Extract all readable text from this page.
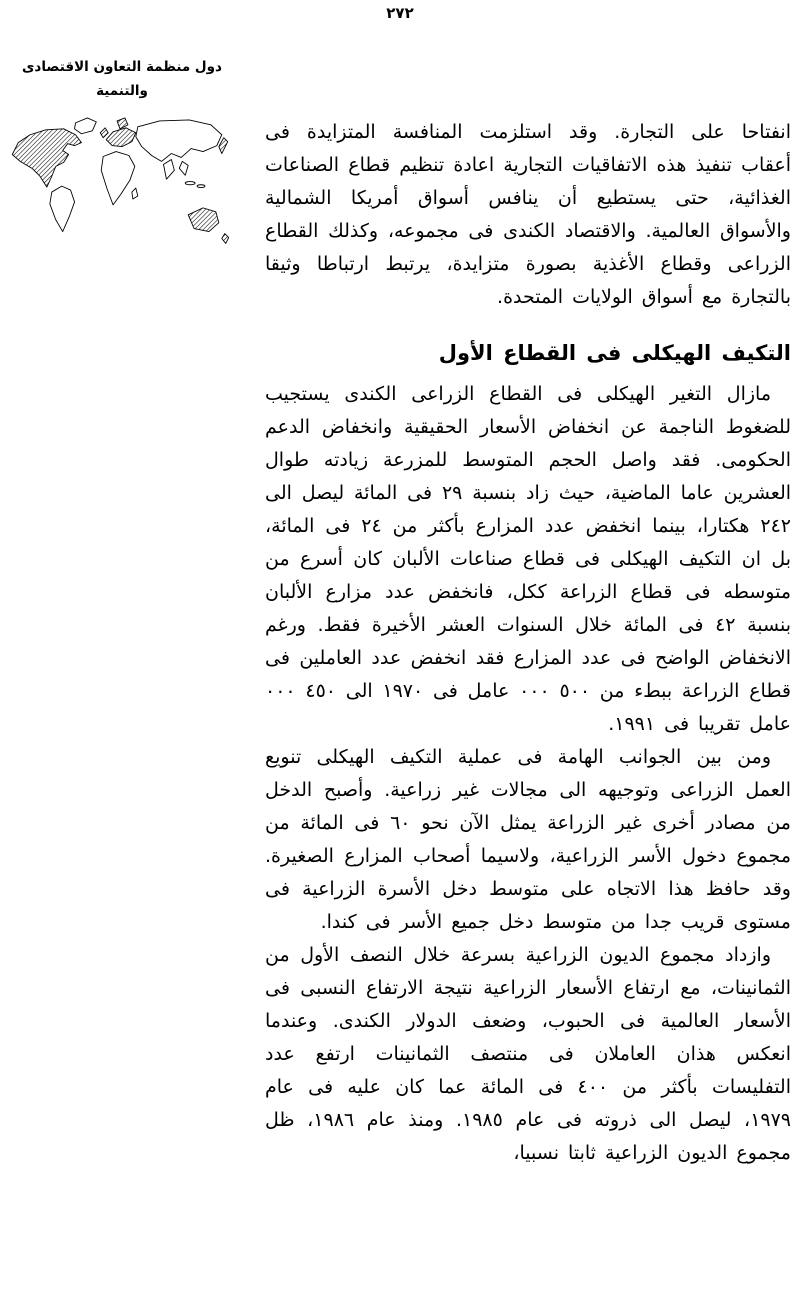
٢٧٢
دول منظمة التعاون الاقتصادى
والتنمية

انفتاحا على التجارة. وقد استلزمت المنافسة المتزايدة فى أعقاب تنفيذ هذه الاتفاقيات التجارية اعادة تنظيم قطاع الصناعات الغذائية، حتى يستطيع أن ينافس أسواق أمريكا الشمالية والأسواق العالمية. والاقتصاد الكندى فى مجموعه، وكذلك القطاع الزراعى وقطاع الأغذية بصورة متزايدة، يرتبط ارتباطا وثيقا بالتجارة مع أسواق الولايات المتحدة.

التكيف الهيكلى فى القطاع الأول

مازال التغير الهيكلى فى القطاع الزراعى الكندى يستجيب للضغوط الناجمة عن انخفاض الأسعار الحقيقية وانخفاض الدعم الحكومى. فقد واصل الحجم المتوسط للمزرعة زيادته طوال العشرين عاما الماضية، حيث زاد بنسبة ٢٩ فى المائة ليصل الى ٢٤٢ هكتارا، بينما انخفض عدد المزارع بأكثر من ٢٤ فى المائة، بل ان التكيف الهيكلى فى قطاع صناعات الألبان كان أسرع من متوسطه فى قطاع الزراعة ككل، فانخفض عدد مزارع الألبان بنسبة ٤٢ فى المائة خلال السنوات العشر الأخيرة فقط. ورغم الانخفاض الواضح فى عدد المزارع فقد انخفض عدد العاملين فى قطاع الزراعة ببطء من ٥٠٠ ٠٠٠ عامل فى ١٩٧٠ الى ٤٥٠ ٠٠٠ عامل تقريبا فى ١٩٩١.

ومن بين الجوانب الهامة فى عملية التكيف الهيكلى تنويع العمل الزراعى وتوجيهه الى مجالات غير زراعية. وأصبح الدخل من مصادر أخرى غير الزراعة يمثل الآن نحو ٦٠ فى المائة من مجموع دخول الأسر الزراعية، ولاسيما أصحاب المزارع الصغيرة. وقد حافظ هذا الاتجاه على متوسط دخل الأسرة الزراعية فى مستوى قريب جدا من متوسط دخل جميع الأسر فى كندا.

وازداد مجموع الديون الزراعية بسرعة خلال النصف الأول من الثمانينات، مع ارتفاع الأسعار الزراعية نتيجة الارتفاع النسبى فى الأسعار العالمية فى الحبوب، وضعف الدولار الكندى. وعندما انعكس هذان العاملان فى منتصف الثمانينات ارتفع عدد التفليسات بأكثر من ٤٠٠ فى المائة عما كان عليه فى عام ١٩٧٩، ليصل الى ذروته فى عام ١٩٨٥. ومنذ عام ١٩٨٦، ظل مجموع الديون الزراعية ثابتا نسبيا،
